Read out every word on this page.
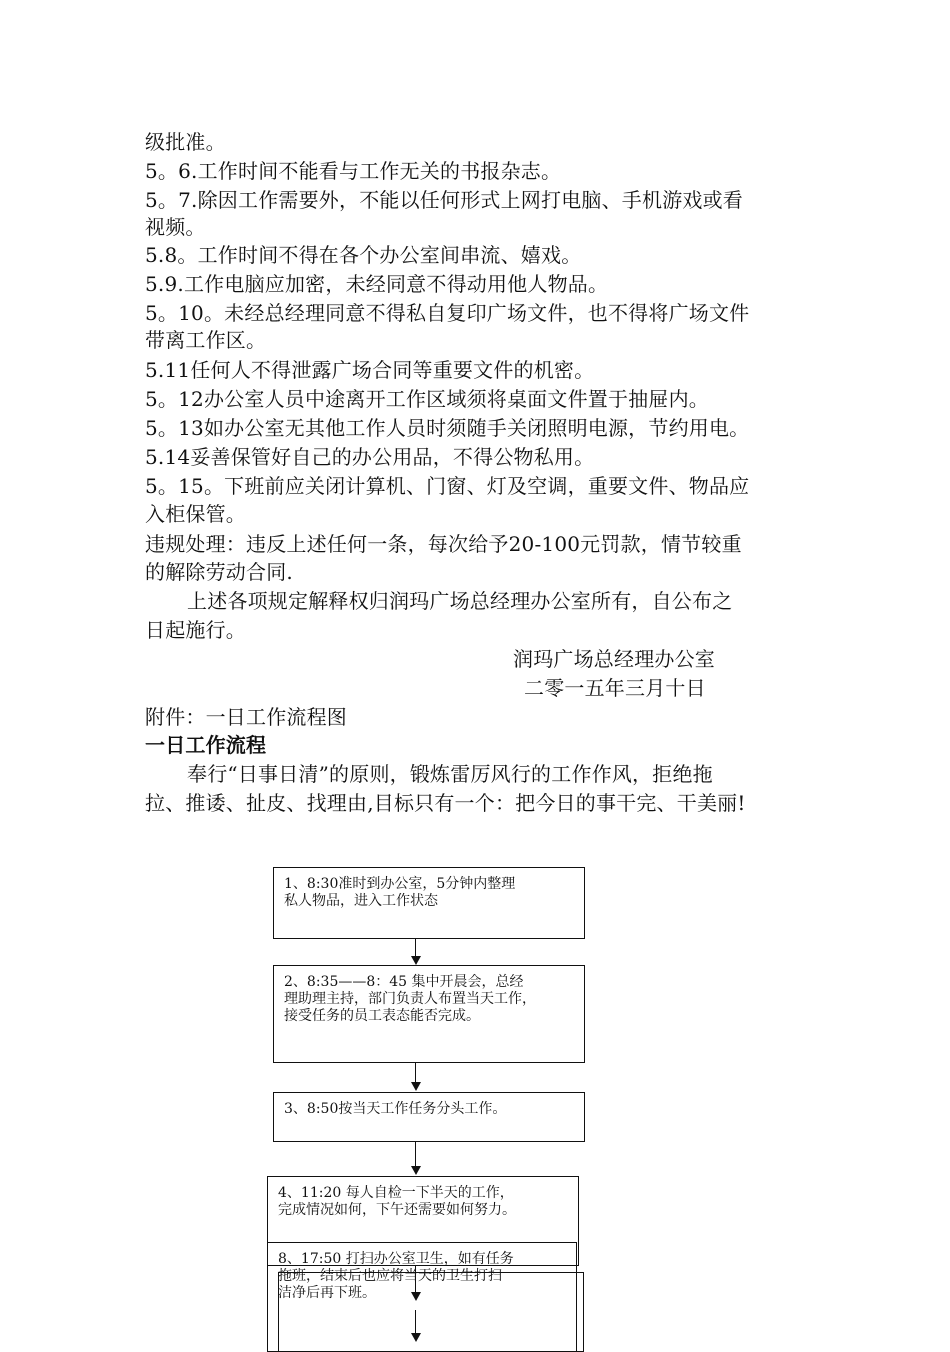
级批准。
5。6.工作时间不能看与工作无关的书报杂志。
5。7.除因工作需要外，不能以任何形式上网打电脑、手机游戏或看
视频。
5.8。工作时间不得在各个办公室间串流、嬉戏。
5.9.工作电脑应加密，未经同意不得动用他人物品。
5。10。未经总经理同意不得私自复印广场文件，也不得将广场文件
带离工作区。
5.11任何人不得泄露广场合同等重要文件的机密。
5。12办公室人员中途离开工作区域须将桌面文件置于抽屉内。
5。13如办公室无其他工作人员时须随手关闭照明电源，节约用电。
5.14妥善保管好自己的办公用品，不得公物私用。
5。15。下班前应关闭计算机、门窗、灯及空调，重要文件、物品应
入柜保管。
违规处理：违反上述任何一条，每次给予20-100元罚款，情节较重
的解除劳动合同.
上述各项规定解释权归润玛广场总经理办公室所有，自公布之
日起施行。
润玛广场总经理办公室
二零一五年三月十日
附件：一日工作流程图
一日工作流程
奉行“日事日清”的原则，锻炼雷厉风行的工作作风，拒绝拖
拉、推诿、扯皮、找理由,目标只有一个：把今日的事干完、干美丽!
1、8:30准时到办公室，5分钟内整理
私人物品，进入工作状态
2、8:35——8：45 集中开晨会，总经
理助理主持，部门负责人布置当天工作，
接受任务的员工表态能否完成。
3、8:50按当天工作任务分头工作。
4、11:20 每人自检一下半天的工作，
完成情况如何，下午还需要如何努力。
8、17:50 打扫办公室卫生，如有任务
拖班，结束后也应将当天的卫生打扫
洁净后再下班。
